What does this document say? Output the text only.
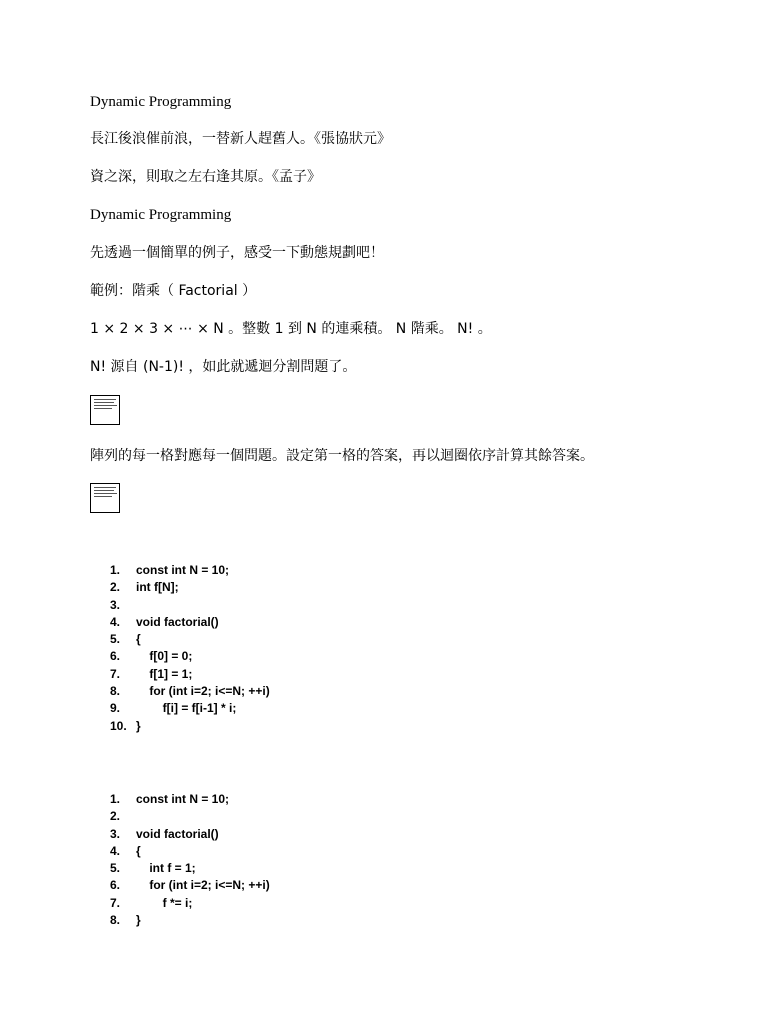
Dynamic Programming

長江後浪催前浪，一替新人趕舊人。《張協狀元》

資之深，則取之左右逢其原。《孟子》

Dynamic Programming

先透過一個簡單的例子，感受一下動態規劃吧！

範例：階乘（ Factorial ）

1 × 2 × 3 × ⋯ × N 。整數 1 到 N 的連乘積。 N 階乘。 N! 。

N! 源自 (N-1)! ，如此就遞迴分割問題了。

陣列的每一格對應每一個問題。設定第一格的答案，再以迴圈依序計算其餘答案。

1.	const int N = 10;
2.	int f[N];
3.
4.	void factorial()
5.	{
6.	f[0] = 0;
7.	f[1] = 1;
8.	for (int i=2; i<=N; ++i)
9.	f[i] = f[i-1] * i;
10. }
1.	const int N = 10;
2.
3.	void factorial()
4.	{
5.	int f = 1;
6.	for (int i=2; i<=N; ++i)
7.	f *= i;
8.	}
